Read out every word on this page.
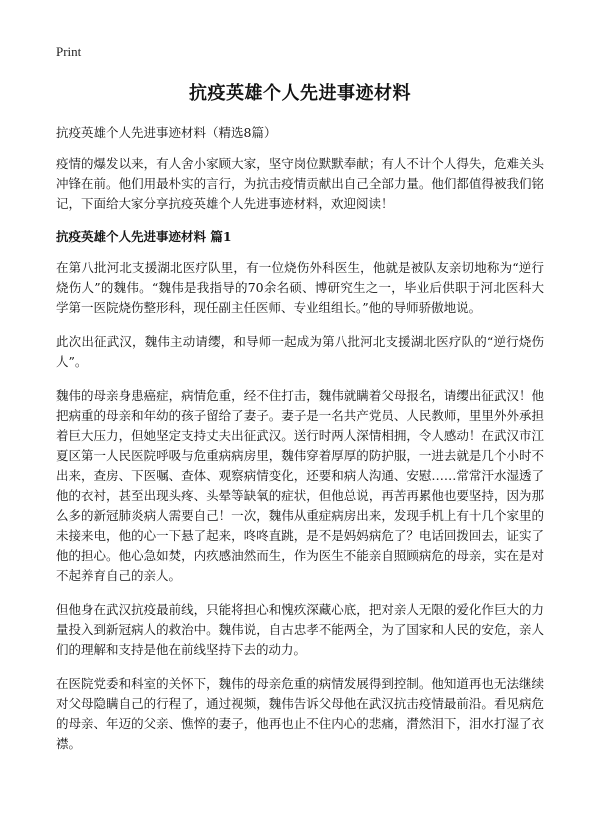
Print
抗疫英雄个人先进事迹材料

抗疫英雄个人先进事迹材料（精选8篇）

疫情的爆发以来，有人舍小家顾大家，坚守岗位默默奉献；有人不计个人得失，危难关头冲锋在前。他们用最朴实的言行，为抗击疫情贡献出自己全部力量。他们都值得被我们铭记，下面给大家分享抗疫英雄个人先进事迹材料，欢迎阅读！

抗疫英雄个人先进事迹材料 篇1

在第八批河北支援湖北医疗队里，有一位烧伤外科医生，他就是被队友亲切地称为“逆行烧伤人”的魏伟。“魏伟是我指导的70余名硕、博研究生之一，毕业后供职于河北医科大学第一医院烧伤整形科，现任副主任医师、专业组组长。”他的导师骄傲地说。

此次出征武汉，魏伟主动请缨，和导师一起成为第八批河北支援湖北医疗队的“逆行烧伤人”。

魏伟的母亲身患癌症，病情危重，经不住打击，魏伟就瞒着父母报名，请缨出征武汉！他把病重的母亲和年幼的孩子留给了妻子。妻子是一名共产党员、人民教师，里里外外承担着巨大压力，但她坚定支持丈夫出征武汉。送行时两人深情相拥，令人感动！在武汉市江夏区第一人民医院呼吸与危重病病房里，魏伟穿着厚厚的防护服，一进去就是几个小时不出来，查房、下医嘱、查体、观察病情变化，还要和病人沟通、安慰……常常汗水湿透了他的衣衬，甚至出现头疼、头晕等缺氧的症状，但他总说，再苦再累他也要坚持，因为那么多的新冠肺炎病人需要自己！一次，魏伟从重症病房出来，发现手机上有十几个家里的未接来电，他的心一下悬了起来，咚咚直跳，是不是妈妈病危了？电话回拨回去，证实了他的担心。他心急如焚，内疚感油然而生，作为医生不能亲自照顾病危的母亲，实在是对不起养育自己的亲人。

但他身在武汉抗疫最前线，只能将担心和愧疚深藏心底，把对亲人无限的爱化作巨大的力量投入到新冠病人的救治中。魏伟说，自古忠孝不能两全，为了国家和人民的安危，亲人们的理解和支持是他在前线坚持下去的动力。

在医院党委和科室的关怀下，魏伟的母亲危重的病情发展得到控制。他知道再也无法继续对父母隐瞒自己的行程了，通过视频，魏伟告诉父母他在武汉抗击疫情最前沿。看见病危的母亲、年迈的父亲、憔悴的妻子，他再也止不住内心的悲痛，潸然泪下，泪水打湿了衣襟。
